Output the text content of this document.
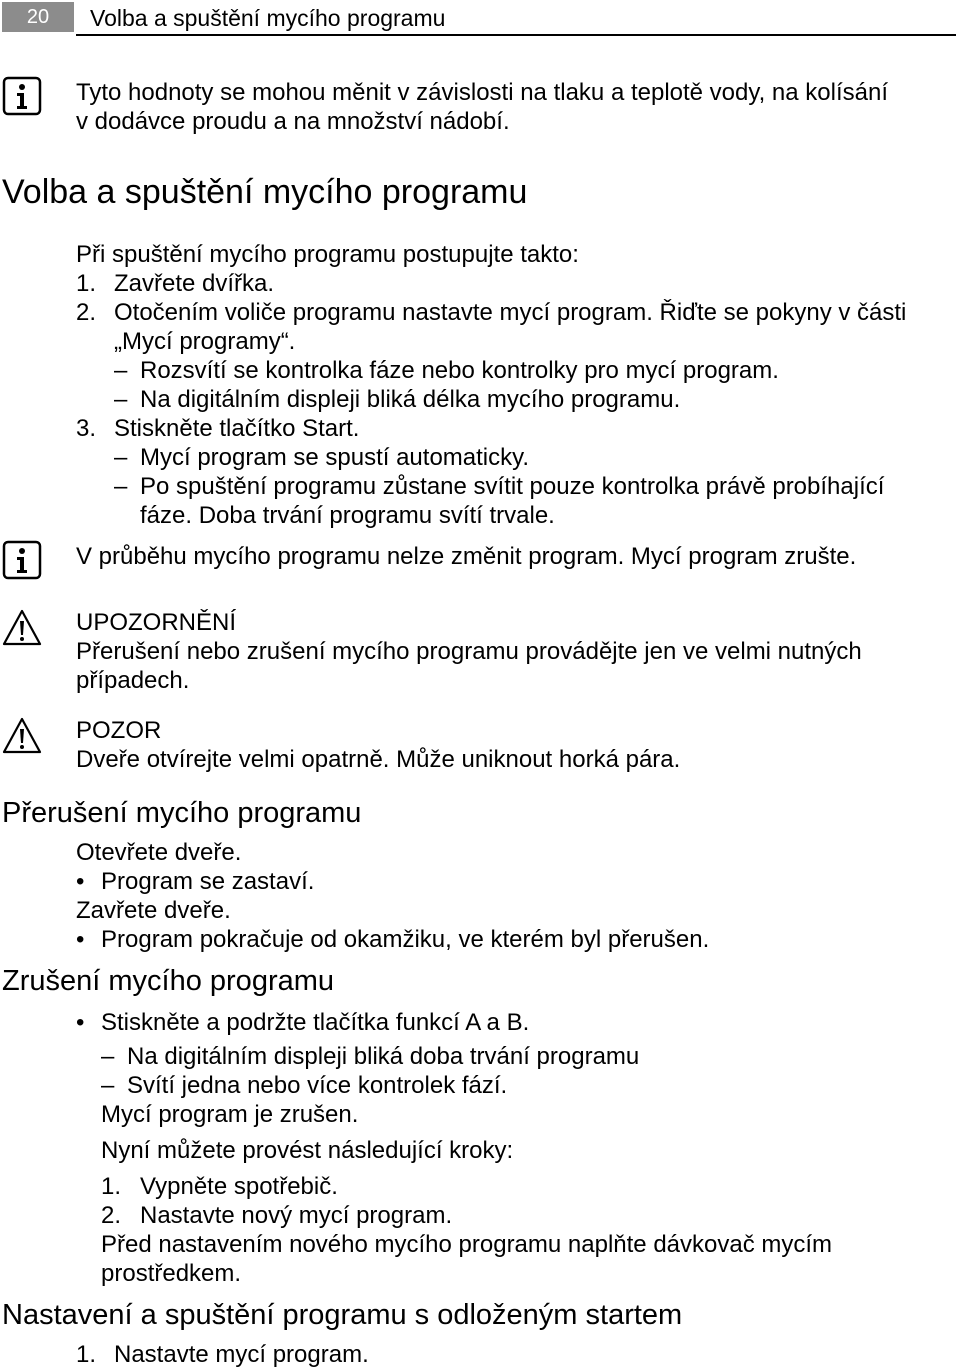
20	Volba a spuštění mycího programu
Tyto hodnoty se mohou měnit v závislosti na tlaku a teplotě vody, na kolísání
v dodávce proudu a na množství nádobí.
Volba a spuštění mycího programu
Při spuštění mycího programu postupujte takto:
1. Zavřete dvířka.
2. Otočením voliče programu nastavte mycí program. Řiďte se pokyny v části
„Mycí programy“.
– Rozsvítí se kontrolka fáze nebo kontrolky pro mycí program.
– Na digitálním displeji bliká délka mycího programu.
3. Stiskněte tlačítko Start.
– Mycí program se spustí automaticky.
– Po spuštění programu zůstane svítit pouze kontrolka právě probíhající
fáze. Doba trvání programu svítí trvale.
V průběhu mycího programu nelze změnit program. Mycí program zrušte.
UPOZORNĚNÍ
Přerušení nebo zrušení mycího programu provádějte jen ve velmi nutných
případech.
POZOR
Dveře otvírejte velmi opatrně. Může uniknout horká pára.
Přerušení mycího programu
Otevřete dveře.
• Program se zastaví.
Zavřete dveře.
• Program pokračuje od okamžiku, ve kterém byl přerušen.
Zrušení mycího programu
• Stiskněte a podržte tlačítka funkcí A a B.
– Na digitálním displeji bliká doba trvání programu
– Svítí jedna nebo více kontrolek fází.
Mycí program je zrušen.
Nyní můžete provést následující kroky:
1. Vypněte spotřebič.
2. Nastavte nový mycí program.
Před nastavením nového mycího programu naplňte dávkovač mycím
prostředkem.
Nastavení a spuštění programu s odloženým startem
1. Nastavte mycí program.
